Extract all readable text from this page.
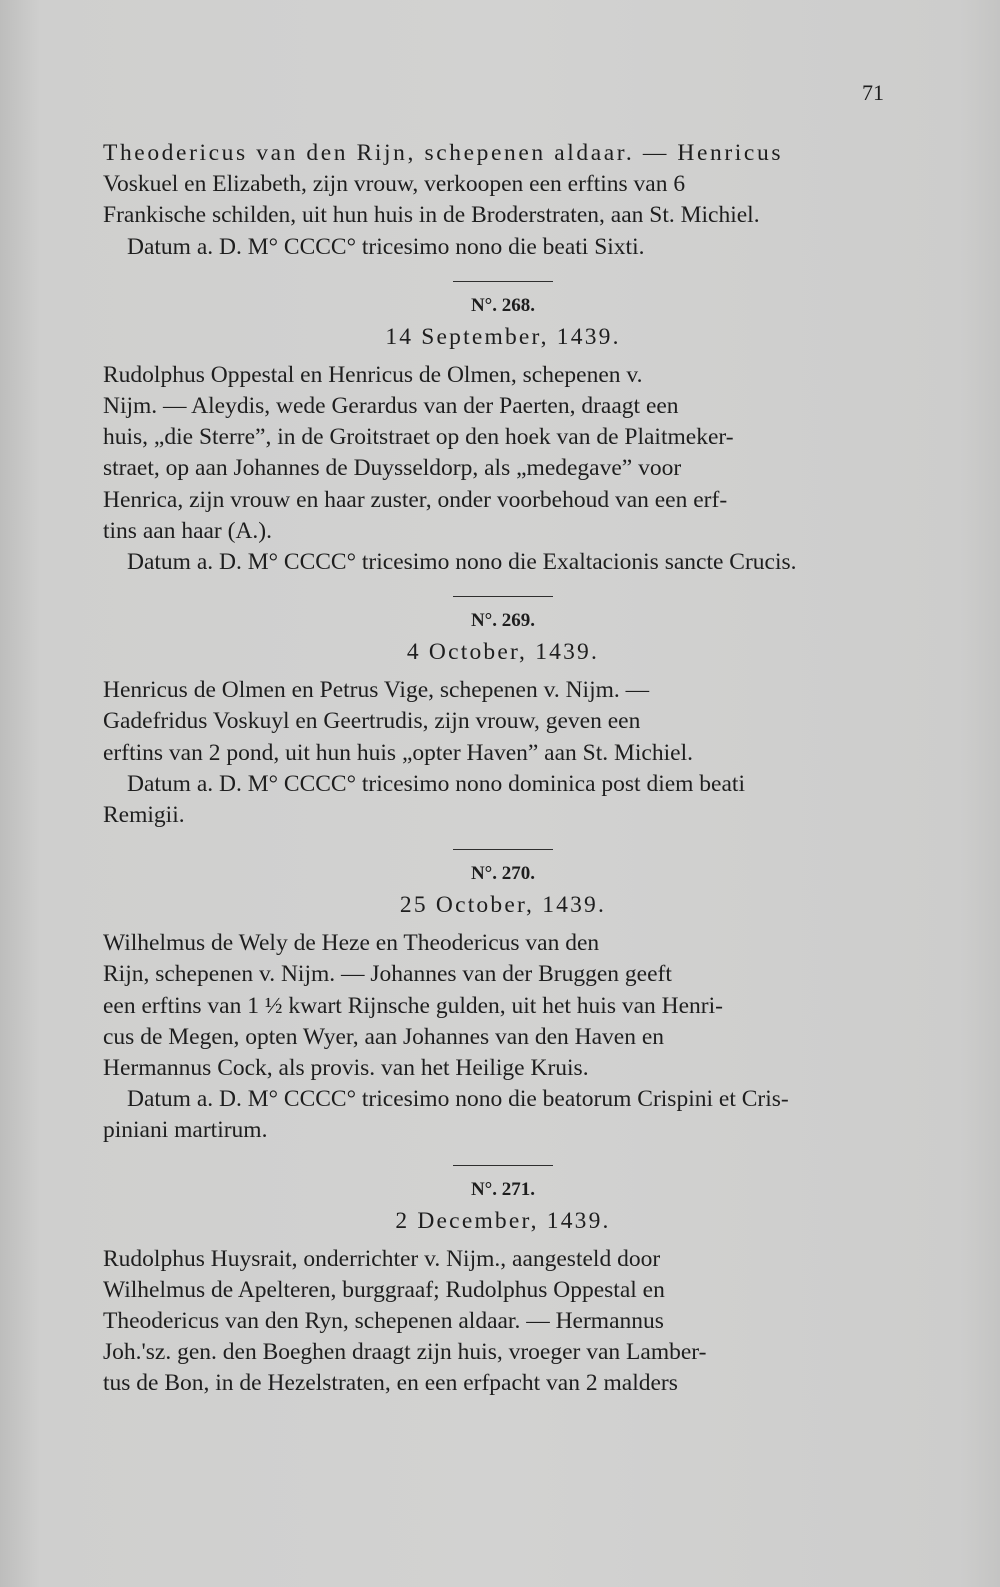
71
Theodericus van den Rijn, schepenen aldaar. — Henricus
Voskuel en Elizabeth, zijn vrouw, verkoopen een erftins van 6
Frankische schilden, uit hun huis in de Broderstraten, aan St. Michiel.
Datum a. D. M° CCCC° tricesimo nono die beati Sixti.
N°. 268.
14 September, 1439.
Rudolphus Oppestal en Henricus de Olmen, schepenen v.
Nijm. — Aleydis, wede Gerardus van der Paerten, draagt een
huis, „die Sterre”, in de Groitstraet op den hoek van de Plaitmeker-
straet, op aan Johannes de Duysseldorp, als „medegave” voor
Henrica, zijn vrouw en haar zuster, onder voorbehoud van een erf-
tins aan haar (A.).
Datum a. D. M° CCCC° tricesimo nono die Exaltacionis sancte Crucis.
N°. 269.
4 October, 1439.
Henricus de Olmen en Petrus Vige, schepenen v. Nijm. —
Gadefridus Voskuyl en Geertrudis, zijn vrouw, geven een
erftins van 2 pond, uit hun huis „opter Haven” aan St. Michiel.
Datum a. D. M° CCCC° tricesimo nono dominica post diem beati
Remigii.
N°. 270.
25 October, 1439.
Wilhelmus de Wely de Heze en Theodericus van den
Rijn, schepenen v. Nijm. — Johannes van der Bruggen geeft
een erftins van 1 ½ kwart Rijnsche gulden, uit het huis van Henri-
cus de Megen, opten Wyer, aan Johannes van den Haven en
Hermannus Cock, als provis. van het Heilige Kruis.
Datum a. D. M° CCCC° tricesimo nono die beatorum Crispini et Cris-
piniani martirum.
N°. 271.
2 December, 1439.
Rudolphus Huysrait, onderrichter v. Nijm., aangesteld door
Wilhelmus de Apelteren, burggraaf; Rudolphus Oppestal en
Theodericus van den Ryn, schepenen aldaar. — Hermannus
Joh.'sz. gen. den Boeghen draagt zijn huis, vroeger van Lamber-
tus de Bon, in de Hezelstraten, en een erfpacht van 2 malders
